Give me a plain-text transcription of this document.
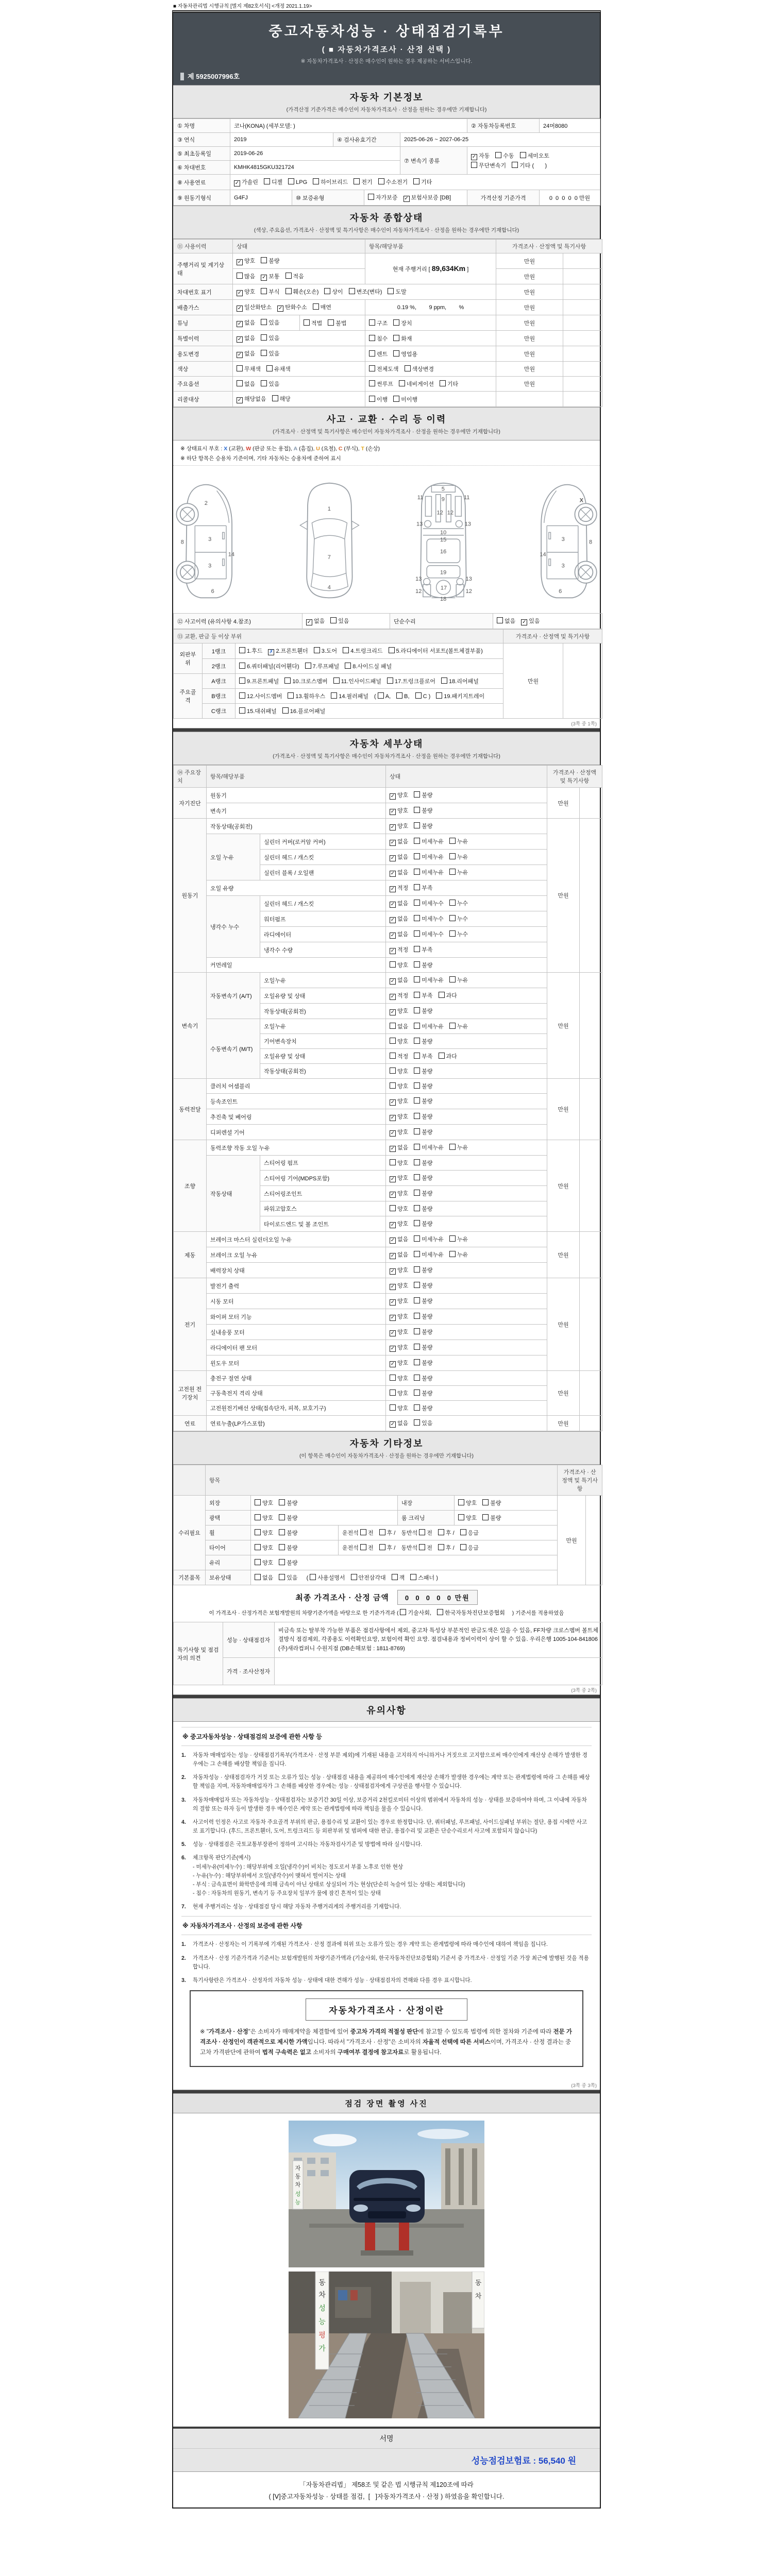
■ 자동차관리법 시행규칙 [별지 제82호서식] <개정 2021.1.19>
중고자동차성능 · 상태점검기록부
( ■ 자동차가격조사 · 산정 선택 )
※ 자동차가격조사 · 산정은 매수인이 원하는 경우 제공하는 서비스입니다.
제 5925007996호
자동차 기본정보
(가격산정 기준가격은 매수인이 자동차가격조사 · 산정을 원하는 경우에만 기재합니다)
① 차명	코나(KONA) (세부모델: )					② 자동차등록번호	24머8080
③ 연식	2019		④ 검사유효기간		2025-06-26 ~ 2027-06-25		
⑤ 최초등록일	2019-06-26				⑦ 변속기 종류	✓ 자동 수동 세미오토
무단변속기 기타 (       )	

⑥ 차대번호	KMHK4815GKU321724						
⑧ 사용연료	✓ 가솔린 디젤 LPG 하이브리드 전기 수소전기 기타						
⑨ 원동기형식	G4FJ	⑩ 보증유형		자가보증 ✓ 보험사보증 [DB]		가격산정 기준가격	0  0  0  0  0 만원
자동차 종합상태
(색상, 주요옵션, 가격조사 · 산정액 및 특기사항은 매수인이 자동차가격조사 · 산정을 원하는 경우에만 기재합니다)
⑪ 사용이력	상태		항목/해당부품	가격조사 · 산정액 및 특기사항	
주행거리 및 계기상태	✓ 양호 불량		현재 주행거리 [ 89,634Km ]	만원	
	많음 ✓ 보통 적음			만원	
차대번호 표기	✓ 양호 부식 훼손(오손) 상이 변조(변타) 도말			만원	
배출가스	✓ 일산화탄소 ✓ 탄화수소 매연		0.19 %,        9 ppm,        %	만원	
튜닝	✓ 없음 있음	적법 불법	구조 장치	만원	
특별이력	✓ 없음 있음		침수 화재	만원	
용도변경	✓ 없음 있음		렌트 영업용	만원	
색상	무채색 유채색		전체도색 색상변경	만원	
주요옵션	없음 있음		썬루프 네비게이션 기타	만원	
리콜대상	✓ 해당없음 해당		이행 미이행		
사고 · 교환 · 수리 등 이력
(가격조사 · 산정액 및 특기사항은 매수인이 자동차가격조사 · 산정을 원하는 경우에만 기재합니다)
※ 상태표시 부호 : X (교환), W (판금 또는 용접), A (흠집), U (요철), C (부식), T (손상)
※ 하단 항목은 승용차 기준이며, 기타 자동차는 승용차에 준하여 표시
2
8	3
14
3
6
1
7
4
5
9
11	11
12 12
13	13
10
15
16
19
13	13
12	12
17
18
3	8
14
3
6
X
⑫ 사고이력 (유의사항 4.참조)	✓ 없음 있음	단순수리	없음 ✓ 있음
⑬ 교환, 판금 등 이상 부위			가격조사 · 산정액 및 특기사항	
외판부위	1랭크	1.후드 ✗ 2.프론트휀더 3.도어 4.트렁크리드 5.라디에이터 서포트(볼트체결부품)	만원	
	2랭크	6.쿼터패널(리어휀다) 7.루프패널 8.사이드실 패널		
주요골격	A랭크	9.프론트패널 10.크로스멤버 11.인사이드패널 17.트렁크플로어 18.리어패널		
	B랭크	12.사이드멤버 13.휠하우스 14.필러패널 ( A, B, C ) 19.패키지트레이		
	C랭크	15.대쉬패널 16.플로어패널		
(3쪽 중 1쪽)
자동차 세부상태
(가격조사 · 산정액 및 특기사항은 매수인이 자동차가격조사 · 산정을 원하는 경우에만 기재합니다)
⑭ 주요장치	항목/해당부품		상태	가격조사 · 산정액 및 특기사항	
자기진단	원동기		✓ 양호 불량	만원	
	변속기		✓ 양호 불량		
원동기	작동상태(공회전)		✓ 양호 불량	만원	
	오일 누유	실린더 커버(로커암 커버)	✓ 없음 미세누유 누유		
		실린더 헤드 / 개스킷	✓ 없음 미세누유 누유		
		실린더 블록 / 오일팬	✓ 없음 미세누유 누유		
	오일 유량		✓ 적정 부족		
	냉각수 누수	실린더 헤드 / 개스킷	✓ 없음 미세누수 누수		
		워터펌프	✓ 없음 미세누수 누수		
		라디에이터	✓ 없음 미세누수 누수		
		냉각수 수량	✓ 적정 부족		
	커먼레일		양호 불량		
변속기	자동변속기 (A/T)	오일누유	✓ 없음 미세누유 누유	만원	
		오일유량 및 상태	✓ 적정 부족 과다		
		작동상태(공회전)	✓ 양호 불량		
	수동변속기 (M/T)	오일누유	없음 미세누유 누유		
		기어변속장치	양호 불량		
		오일유량 및 상태	적정 부족 과다		
		작동상태(공회전)	양호 불량		
동력전달	클러치 어셈블리		양호 불량	만원	
	등속조인트		✓ 양호 불량		
	추진축 및 베어링		✓ 양호 불량		
	디퍼렌셜 기어		✓ 양호 불량		
조향	동력조향 작동 오일 누유		✓ 없음 미세누유 누유	만원	
	작동상태	스티어링 펌프	양호 불량		
		스티어링 기어(MDPS포함)	✓ 양호 불량		
		스티어링조인트	✓ 양호 불량		
		파워고압호스	양호 불량		
		타이로드엔드 및 볼 조인트	✓ 양호 불량		
제동	브레이크 마스터 실린더오일 누유		✓ 없음 미세누유 누유	만원	
	브레이크 오일 누유		✓ 없음 미세누유 누유		
	배력장치 상태		✓ 양호 불량		
전기	발전기 출력		✓ 양호 불량	만원	
	시동 모터		✓ 양호 불량		
	와이퍼 모터 기능		✓ 양호 불량		
	실내송풍 모터		✓ 양호 불량		
	라디에이터 팬 모터		✓ 양호 불량		
	윈도우 모터		✓ 양호 불량		
고전원 전기장치	충전구 절연 상태		양호 불량	만원	
	구동축전지 격리 상태		양호 불량		
	고전원전기배선 상태(접속단자, 피복, 보호기구)		양호 불량		
연료	연료누출(LP가스포함)		✓ 없음 있음	만원	
자동차 기타정보
(이 항목은 매수인이 자동차가격조사 · 산정을 원하는 경우에만 기재합니다)
	항목					가격조사 · 산정액 및 특기사항	
수리필요	외장	양호 불량		내장	양호 불량	만원	
	광택	양호 불량		룸 크리닝	양호 불량		
	휠	양호 불량	운전석 전 후 / 동반석 전 후 / 응급				
	타이어	양호 불량	운전석 전 후 / 동반석 전 후 / 응급				
	유리	양호 불량					
기본품목	보유상태	없음 있음  ( 사용설명서 안전삼각대 잭 스패너 )					
최종 가격조사 · 산정 금액	0  0  0  0  0 만원
이 가격조사 · 산정가격은 보험개발원의 차량기준가액을 바탕으로 한 기준가격과 ( 기술사회, 한국자동차진단보증협회 ) 기준서를 적용하였음
특기사항 및 점검자의 의견	성능 · 상태점검자	비금속 또는 탈부착 가능한 부품은 점검사항에서 제외, 중고차 특성상 부분적인 판금도색은 있을 수 있음, FF차량 크로스멤버 볼트체결방식 점검제외, 각종용도 이력확인요망, 보험이력 확인 요망. 점검내용과 정비이력이 상이 할 수 있음. 우리은행 1005-104-841806 (주)새라컴퍼니 수원지점 (DB손해보험 : 1811-8769)
	가격 · 조사산정자	
(3쪽 중 2쪽)
유의사항
※ 중고자동차성능 · 상태점검의 보증에 관한 사항 등
1.	자동차 매매업자는 성능 · 상태점검기록부(가격조사 · 산정 부분 제외)에 기재된 내용을 고지하지 아니하거나 거짓으로 고지함으로써 매수인에게 재산상 손해가 발생한 경우에는 그 손해를 배상할 책임을 집니다.
2.	자동차성능 · 상태점검자가 거짓 또는 오류가 있는 성능 · 상태점검 내용을 제공하여 매수인에게 재산상 손해가 발생한 경우에는 계약 또는 관계법령에 따라 그 손해를 배상할 책임을 지며, 자동차매매업자가 그 손해를 배상한 경우에는 성능 · 상태점검자에게 구상권을 행사할 수 있습니다.
3.	자동차매매업자 또는 자동차성능 · 상태점검자는 보증기간 30일 이상, 보증거리 2천킬로미터 이상의 범위에서 자동차의 성능 · 상태를 보증하여야 하며, 그 이내에 자동차의 결함 또는 하자 등이 발생한 경우 매수인은 계약 또는 관계법령에 따라 책임을 물을 수 있습니다.
4.	사고이력 인정은 사고로 자동차 주요골격 부위의 판금, 용접수리 및 교환이 있는 경우로 한정합니다. 단, 쿼터패널, 루프패널, 사이드실패널 부위는 절단, 용접 시에만 사고로 표기합니다. (후드, 프론트휀더, 도어, 트렁크리드 등 외판부위 및 범퍼에 대한 판금, 용접수리 및 교환은 단순수리로서 사고에 포함되지 않습니다)
5.	성능 · 상태점검은 국토교통부장관이 정하여 고시하는 자동차검사기준 및 방법에 따라 실시합니다.
6.	체크항목 판단기준(예시)
- 미세누유(미세누수) : 해당부위에 오일(냉각수)이 비치는 정도로서 부품 노후로 인한 현상
- 누유(누수) : 해당부위에서 오일(냉각수)이 맺혀서 떨어지는 상태
- 부식 : 금속표면이 화학반응에 의해 금속이 아닌 상태로 상실되어 가는 현상(단순히 녹슬어 있는 상태는 제외합니다)
- 침수 : 자동차의 원동기, 변속기 등 주요장치 일부가 물에 잠긴 흔적이 있는 상태
7.	현재 주행거리는 성능 · 상태점검 당시 해당 자동차 주행거리계의 주행거리를 기재합니다.
※ 자동차가격조사 · 산정의 보증에 관한 사항
1.	가격조사 · 산정자는 이 기록부에 기재된 가격조사 · 산정 결과에 허위 또는 오류가 있는 경우 계약 또는 관계법령에 따라 매수인에 대하여 책임을 집니다.
2.	가격조사 · 산정 기준가격과 기준서는 보험개발원의 차량기준가액과 (기술사회, 한국자동차진단보증협회) 기준서 중 가격조사 · 산정일 기준 가장 최근에 발행된 것을 적용합니다.
3.	특기사항란은 가격조사 · 산정자의 자동차 성능 · 상태에 대한 견해가 성능 · 상태점검자의 견해와 다를 경우 표시합니다.
자동차가격조사 · 산정이란
※ "가격조사 · 산정"은 소비자가 매매계약을 체결함에 있어 중고차 가격의 적절성 판단에 참고할 수 있도록 법령에 의한 절차와 기준에 따라 전문 가격조사 · 산정인이 객관적으로 제시한 가액입니다. 따라서 "가격조사 · 산정"은 소비자의 자율적 선택에 따른 서비스이며, 가격조사 · 산정 결과는 중고차 가격판단에 관하여 법적 구속력은 없고 소비자의 구매여부 결정에 참고자료로 활용됩니다.
(3쪽 중 3쪽)
점검 장면 촬영 사진
자
동
차
성
능
동
차
성
능
평
가
동
차
서명
성능점검보험료 : 56,540 원
「자동차관리법」 제58조 및 같은 법 시행규칙 제120조에 따라
( [Ⅴ]중고자동차성능 · 상태를 점검,  [   ]자동차가격조사 · 산정 ) 하였음을 확인합니다.
